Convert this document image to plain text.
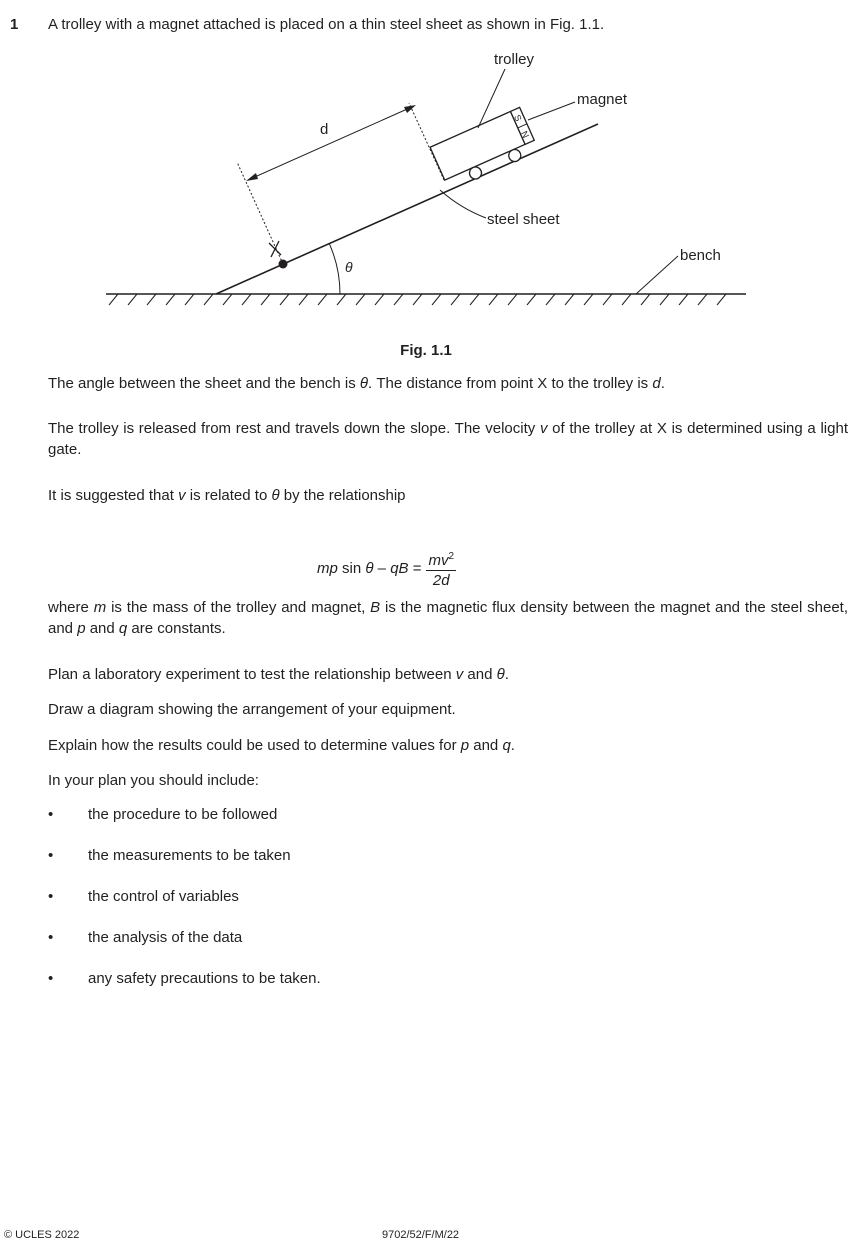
1 A trolley with a magnet attached is placed on a thin steel sheet as shown in Fig. 1.1.
θ
S
N
d
trolley
magnet
steel sheet
bench
Fig. 1.1
The angle between the sheet and the bench is θ. The distance from point X to the trolley is d.
The trolley is released from rest and travels down the slope. The velocity v of the trolley at X is determined using a light gate.
It is suggested that v is related to θ by the relationship
mp sin θ – qB = $\frac{mv^2}{2d}$
where m is the mass of the trolley and magnet, B is the magnetic flux density between the magnet and the steel sheet, and p and q are constants.
Plan a laboratory experiment to test the relationship between v and θ.
Draw a diagram showing the arrangement of your equipment.
Explain how the results could be used to determine values for p and q.
In your plan you should include:
• the procedure to be followed
• the measurements to be taken
• the control of variables
• the analysis of the data
• any safety precautions to be taken.
© UCLES 2022	9702/52/F/M/22
